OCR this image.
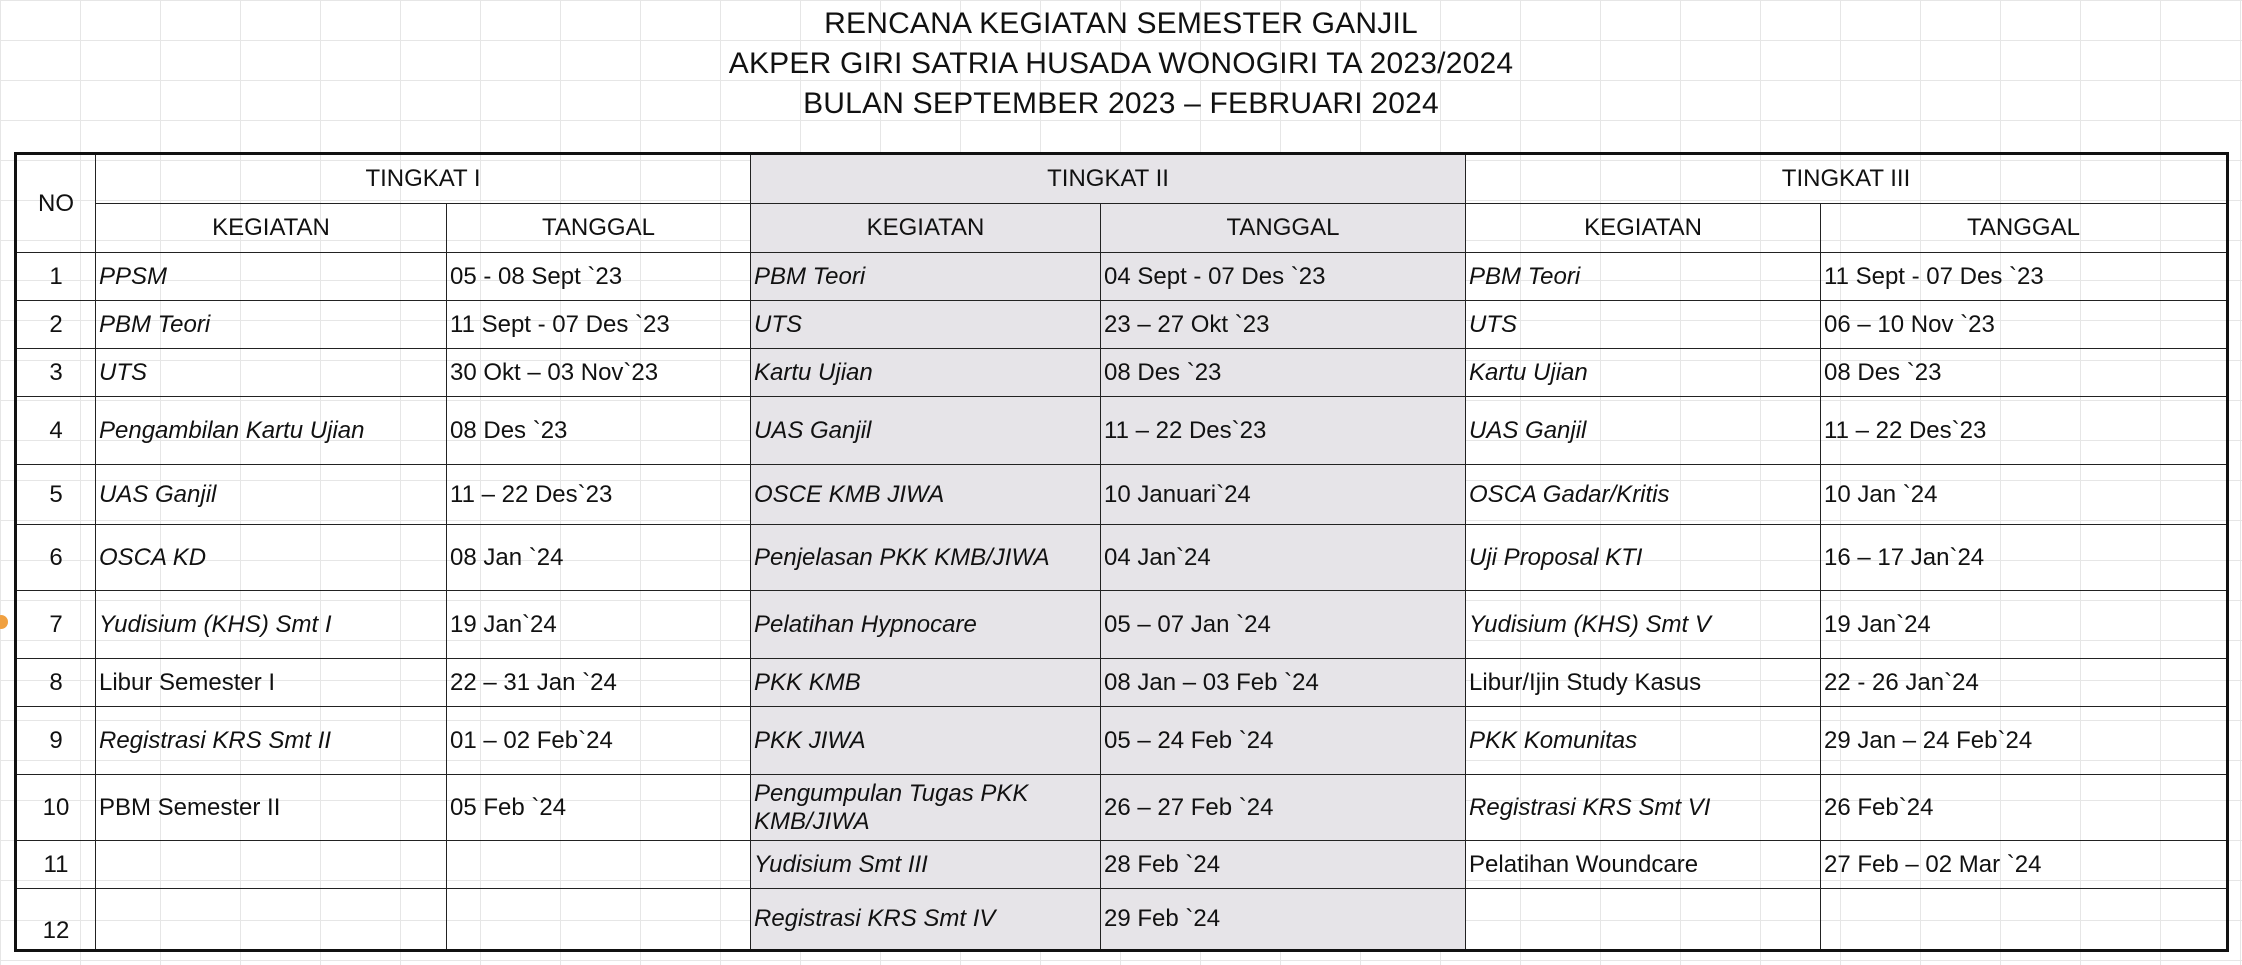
RENCANA KEGIATAN SEMESTER GANJIL
AKPER GIRI SATRIA HUSADA WONOGIRI TA 2023/2024
BULAN SEPTEMBER 2023 – FEBRUARI 2024
NO	TINGKAT I		TINGKAT II		TINGKAT III	
	KEGIATAN	TANGGAL	KEGIATAN	TANGGAL	KEGIATAN	TANGGAL
1	PPSM	05 - 08 Sept `23	PBM Teori	04 Sept - 07 Des `23	PBM Teori	11 Sept - 07 Des `23
2	PBM Teori	11 Sept - 07 Des `23	UTS	23 – 27 Okt `23	UTS	06 – 10 Nov `23
3	UTS	30 Okt – 03 Nov`23	Kartu Ujian	08 Des `23	Kartu Ujian	08 Des `23
4	Pengambilan Kartu Ujian	08 Des `23	UAS Ganjil	11 – 22 Des`23	UAS Ganjil	11 – 22 Des`23
5	UAS Ganjil	11 – 22 Des`23	OSCE KMB JIWA	10 Januari`24	OSCA Gadar/Kritis	10 Jan `24
6	OSCA KD	08 Jan `24	Penjelasan PKK KMB/JIWA	04 Jan`24	Uji Proposal KTI	16 – 17 Jan`24
7	Yudisium (KHS) Smt I	19 Jan`24	Pelatihan Hypnocare	05 – 07 Jan `24	Yudisium (KHS) Smt V	19 Jan`24
8	Libur Semester I	22 – 31 Jan `24	PKK KMB	08 Jan – 03 Feb `24	Libur/Ijin Study Kasus	22 - 26 Jan`24
9	Registrasi KRS Smt II	01 – 02 Feb`24	PKK JIWA	05 – 24 Feb `24	PKK Komunitas	29 Jan – 24 Feb`24
10	PBM Semester II	05 Feb `24	Pengumpulan Tugas PKK KMB/JIWA	26 – 27 Feb `24	Registrasi KRS Smt VI	26 Feb`24
11			Yudisium Smt III	28 Feb `24	Pelatihan Woundcare	27 Feb – 02 Mar `24
12			Registrasi KRS Smt IV	29 Feb `24		
